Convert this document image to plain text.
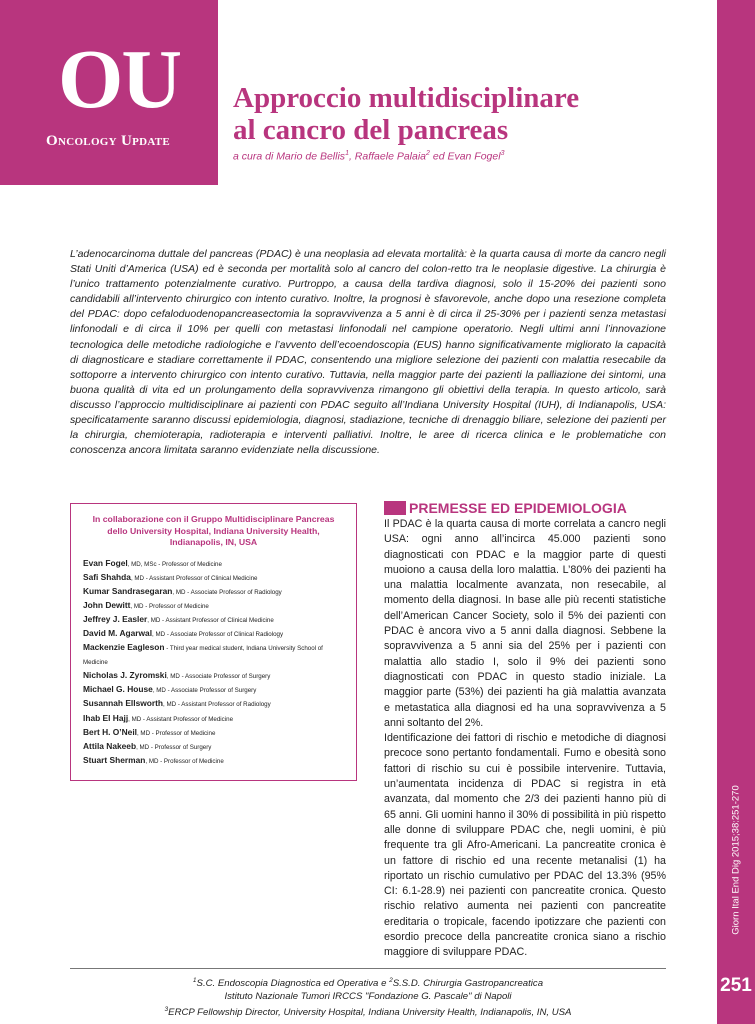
OU
Oncology Update
Approccio multidisciplinare
al cancro del pancreas
a cura di Mario de Bellis$^1$, Raffaele Palaia$^2$ ed Evan Fogel$^3$
Giorn Ital End Dig 2015;38:251-270
251
L’adenocarcinoma duttale del pancreas (PDAC) è una neoplasia ad elevata mortalità: è la quarta causa di morte da cancro negli Stati Uniti d’America (USA) ed è seconda per mortalità solo al cancro del colon-retto tra le neoplasie digestive. La chirurgia è l’unico trattamento potenzialmente curativo. Purtroppo, a causa della tardiva diagnosi, solo il 15-20% dei pazienti sono candidabili all’intervento chirurgico con intento curativo. Inoltre, la prognosi è sfavorevole, anche dopo una resezione completa del PDAC: dopo cefaloduodenopancreasectomia la sopravvivenza a 5 anni è di circa il 25-30% per i pazienti senza metastasi linfonodali e di circa il 10% per quelli con metastasi linfonodali nel campione operatorio. Negli ultimi anni l’innovazione tecnologica delle metodiche radiologiche e l’avvento dell’ecoendoscopia (EUS) hanno significativamente migliorato la capacità di diagnosticare e stadiare correttamente il PDAC, consentendo una migliore selezione dei pazienti con malattia resecabile da sottoporre a intervento chirurgico con intento curativo. Tuttavia, nella maggior parte dei pazienti la palliazione dei sintomi, una buona qualità di vita ed un prolungamento della sopravvivenza rimangono gli obiettivi della terapia. In questo articolo, sarà discusso l’approccio multidisciplinare ai pazienti con PDAC seguito all’Indiana University Hospital (IUH), di Indianapolis, USA: specificatamente saranno discussi epidemiologia, diagnosi, stadiazione, tecniche di drenaggio biliare, selezione dei pazienti per la chirurgia, chemioterapia, radioterapia e interventi palliativi. Inoltre, le aree di ricerca clinica e le problematiche con conoscenza ancora limitata saranno evidenziate nella discussione.
In collaborazione con il Gruppo Multidisciplinare Pancreas dello University Hospital, Indiana University Health, Indianapolis, IN, USA
Evan Fogel, MD, MSc - Professor of Medicine
Safi Shahda, MD - Assistant Professor of Clinical Medicine
Kumar Sandrasegaran, MD - Associate Professor of Radiology
John Dewitt, MD - Professor of Medicine
Jeffrey J. Easler, MD - Assistant Professor of Clinical Medicine
David M. Agarwal, MD - Associate Professor of Clinical Radiology
Mackenzie Eagleson - Third year medical student, Indiana University School of Medicine
Nicholas J. Zyromski, MD - Associate Professor of Surgery
Michael G. House, MD - Associate Professor of Surgery
Susannah Ellsworth, MD - Assistant Professor of Radiology
Ihab El Hajj, MD - Assistant Professor of Medicine
Bert H. O’Neil, MD - Professor of Medicine
Attila Nakeeb, MD - Professor of Surgery
Stuart Sherman, MD - Professor of Medicine
PREMESSE ED EPIDEMIOLOGIA

Il PDAC è la quarta causa di morte correlata a cancro negli USA: ogni anno all’incirca 45.000 pazienti sono diagnosticati con PDAC e la maggior parte di questi muoiono a causa della loro malattia. L’80% dei pazienti ha una malattia localmente avanzata, non resecabile, al momento della diagnosi. In base alle più recenti statistiche dell’American Cancer Society, solo il 5% dei pazienti con PDAC è ancora vivo a 5 anni dalla diagnosi. Sebbene la sopravvivenza a 5 anni sia del 25% per i pazienti con malattia allo stadio I, solo il 9% dei pazienti sono diagnosticati con PDAC in questo stadio iniziale. La maggior parte (53%) dei pazienti ha già malattia avanzata e metastatica alla diagnosi ed ha una sopravvivenza a 5 anni soltanto del 2%.

Identificazione dei fattori di rischio e metodiche di diagnosi precoce sono pertanto fondamentali. Fumo e obesità sono fattori di rischio su cui è possibile intervenire. Tuttavia, un’aumentata incidenza di PDAC si registra in età avanzata, dal momento che 2/3 dei pazienti hanno più di 65 anni. Gli uomini hanno il 30% di possibilità in più rispetto alle donne di sviluppare PDAC che, negli uomini, è più frequente tra gli Afro-Americani. La pancreatite cronica è un fattore di rischio ed una recente metanalisi (1) ha riportato un rischio cumulativo per PDAC del 13.3% (95% CI: 6.1-28.9) nei pazienti con pancreatite cronica. Questo rischio relativo aumenta nei pazienti con pancreatite ereditaria o tropicale, facendo ipotizzare che pazienti con esordio precoce della pancreatite cronica siano a rischio maggiore di sviluppare PDAC.

$^1$S.C. Endoscopia Diagnostica ed Operativa e $^2$S.S.D. Chirurgia Gastropancreatica
Istituto Nazionale Tumori IRCCS "Fondazione G. Pascale" di Napoli
$^3$ERCP Fellowship Director, University Hospital, Indiana University Health, Indianapolis, IN, USA
